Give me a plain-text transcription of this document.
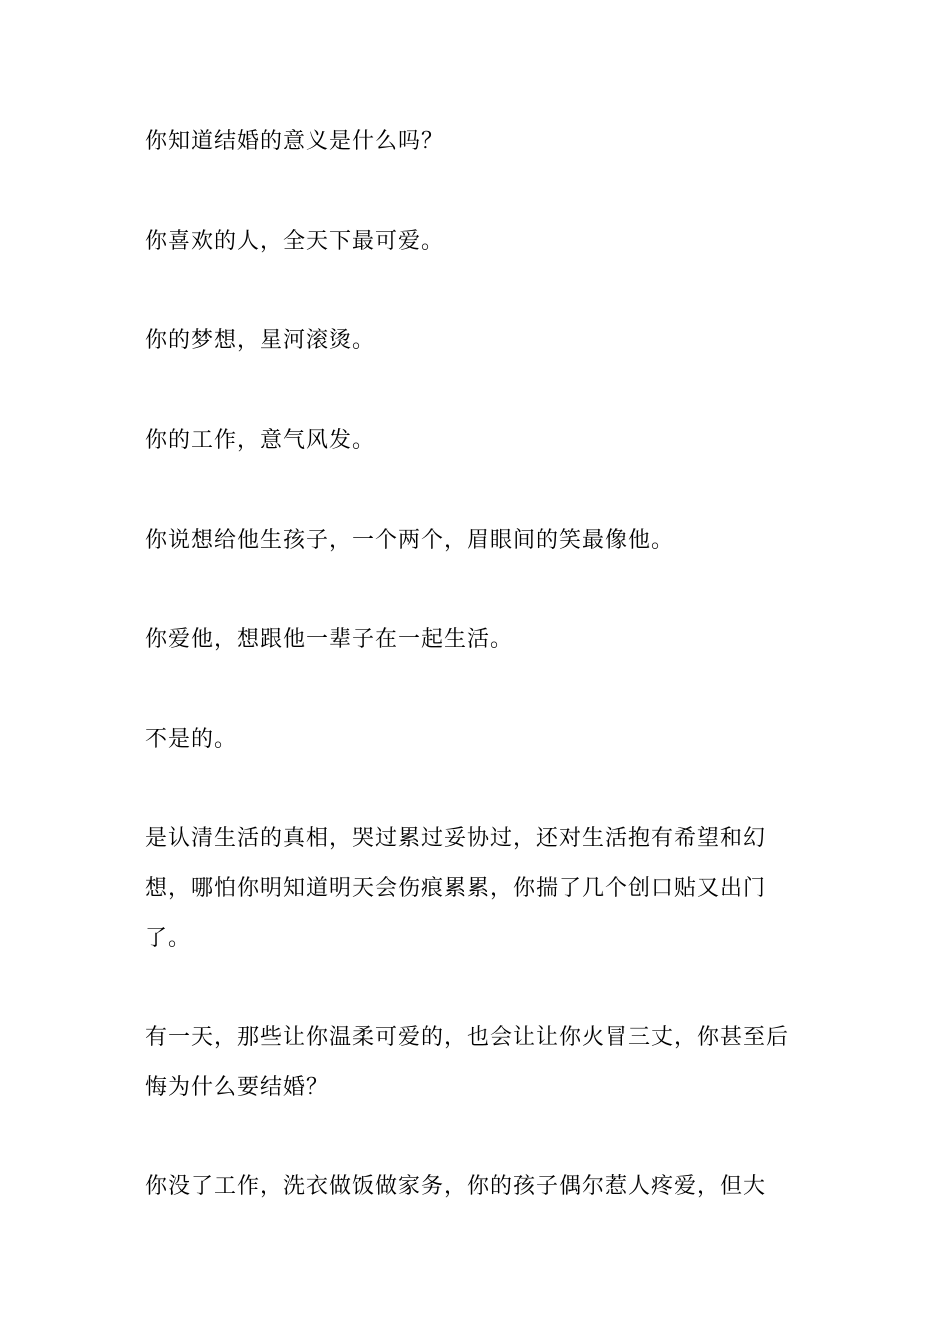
你知道结婚的意义是什么吗？

你喜欢的人，全天下最可爱。

你的梦想，星河滚烫。

你的工作，意气风发。

你说想给他生孩子，一个两个，眉眼间的笑最像他。

你爱他，想跟他一辈子在一起生活。

不是的。

是认清生活的真相，哭过累过妥协过，还对生活抱有希望和幻想，哪怕你明知道明天会伤痕累累，你揣了几个创口贴又出门了。

有一天，那些让你温柔可爱的，也会让让你火冒三丈，你甚至后悔为什么要结婚？

你没了工作，洗衣做饭做家务，你的孩子偶尔惹人疼爱，但大
